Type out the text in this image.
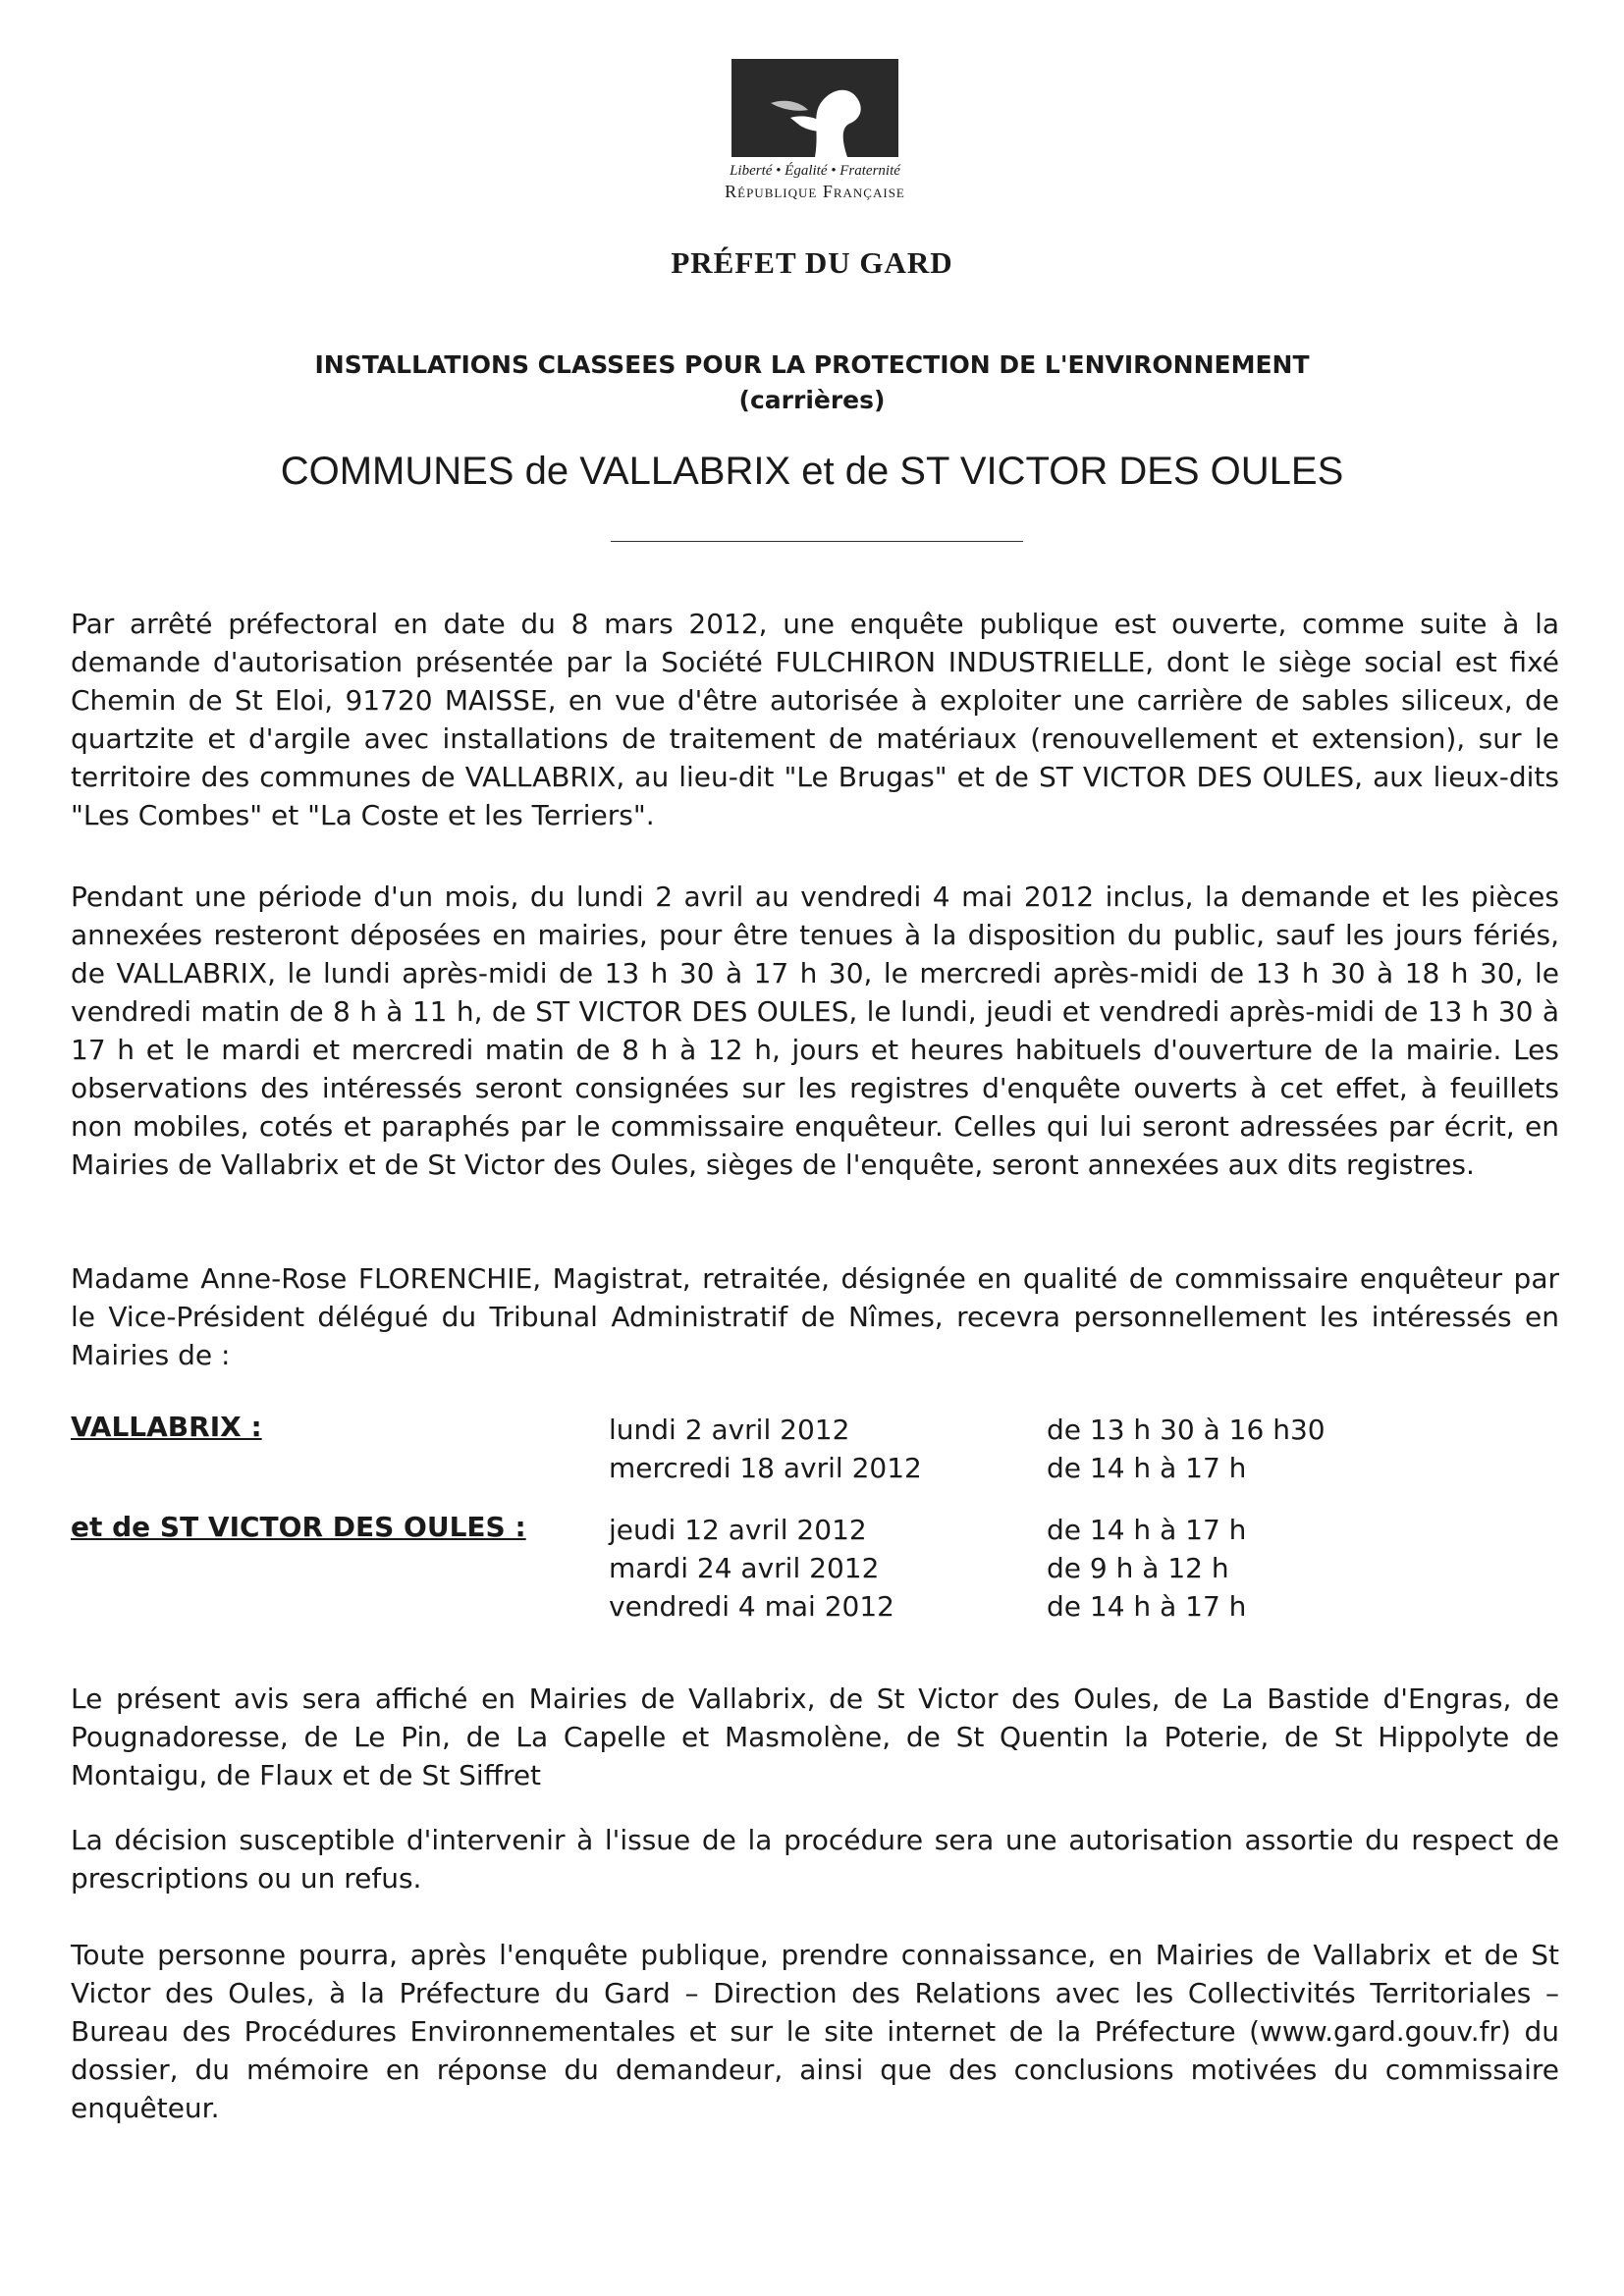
Liberté • Égalité • Fraternité
République Française
PRÉFET DU GARD
INSTALLATIONS CLASSEES POUR LA PROTECTION DE L'ENVIRONNEMENT
(carrières)
COMMUNES de VALLABRIX et de ST VICTOR DES OULES

Par arrêté préfectoral en date du 8 mars 2012, une enquête publique est ouverte, comme suite à la demande d'autorisation présentée par la Société FULCHIRON INDUSTRIELLE, dont le siège social est fixé Chemin de St Eloi, 91720 MAISSE, en vue d'être autorisée à exploiter une carrière de sables siliceux, de quartzite et d'argile avec installations de traitement de matériaux (renouvellement et extension), sur le territoire des communes de VALLABRIX, au lieu-dit "Le Brugas" et de ST VICTOR DES OULES, aux lieux-dits "Les Combes" et "La Coste et les Terriers".

Pendant une période d'un mois, du lundi 2 avril au vendredi 4 mai 2012 inclus, la demande et les pièces annexées resteront déposées en mairies, pour être tenues à la disposition du public, sauf les jours fériés, de VALLABRIX, le lundi après-midi de 13 h 30 à 17 h 30, le mercredi après-midi de 13 h 30 à 18 h 30, le vendredi matin de 8 h à 11 h, de ST VICTOR DES OULES, le lundi, jeudi et vendredi après-midi de 13 h 30 à 17 h et le mardi et mercredi matin de 8 h à 12 h, jours et heures habituels d'ouverture de la mairie. Les observations des intéressés seront consignées sur les registres d'enquête ouverts à cet effet, à feuillets non mobiles, cotés et paraphés par le commissaire enquêteur. Celles qui lui seront adressées par écrit, en Mairies de Vallabrix et de St Victor des Oules, sièges de l'enquête, seront annexées aux dits registres.

Madame Anne-Rose FLORENCHIE, Magistrat, retraitée, désignée en qualité de commissaire enquêteur par le Vice-Président délégué du Tribunal Administratif de Nîmes, recevra personnellement les intéressés en Mairies de :

VALLABRIX :	lundi 2 avril 2012
mercredi 18 avril 2012
de 13 h 30 à 16 h30
de 14 h à 17 h
et de ST VICTOR DES OULES :	jeudi 12 avril 2012
mardi 24 avril 2012
vendredi 4 mai 2012
de 14 h à 17 h
de 9 h à 12 h
de 14 h à 17 h

Le présent avis sera affiché en Mairies de Vallabrix, de St Victor des Oules, de La Bastide d'Engras, de Pougnadoresse, de Le Pin, de La Capelle et Masmolène, de St Quentin la Poterie, de St Hippolyte de Montaigu, de Flaux et de St Siffret

La décision susceptible d'intervenir à l'issue de la procédure sera une autorisation assortie du respect de prescriptions ou un refus.

Toute personne pourra, après l'enquête publique, prendre connaissance, en Mairies de Vallabrix et de St Victor des Oules, à la Préfecture du Gard – Direction des Relations avec les Collectivités Territoriales – Bureau des Procédures Environnementales et sur le site internet de la Préfecture (www.gard.gouv.fr) du dossier, du mémoire en réponse du demandeur, ainsi que des conclusions motivées du commissaire enquêteur.
